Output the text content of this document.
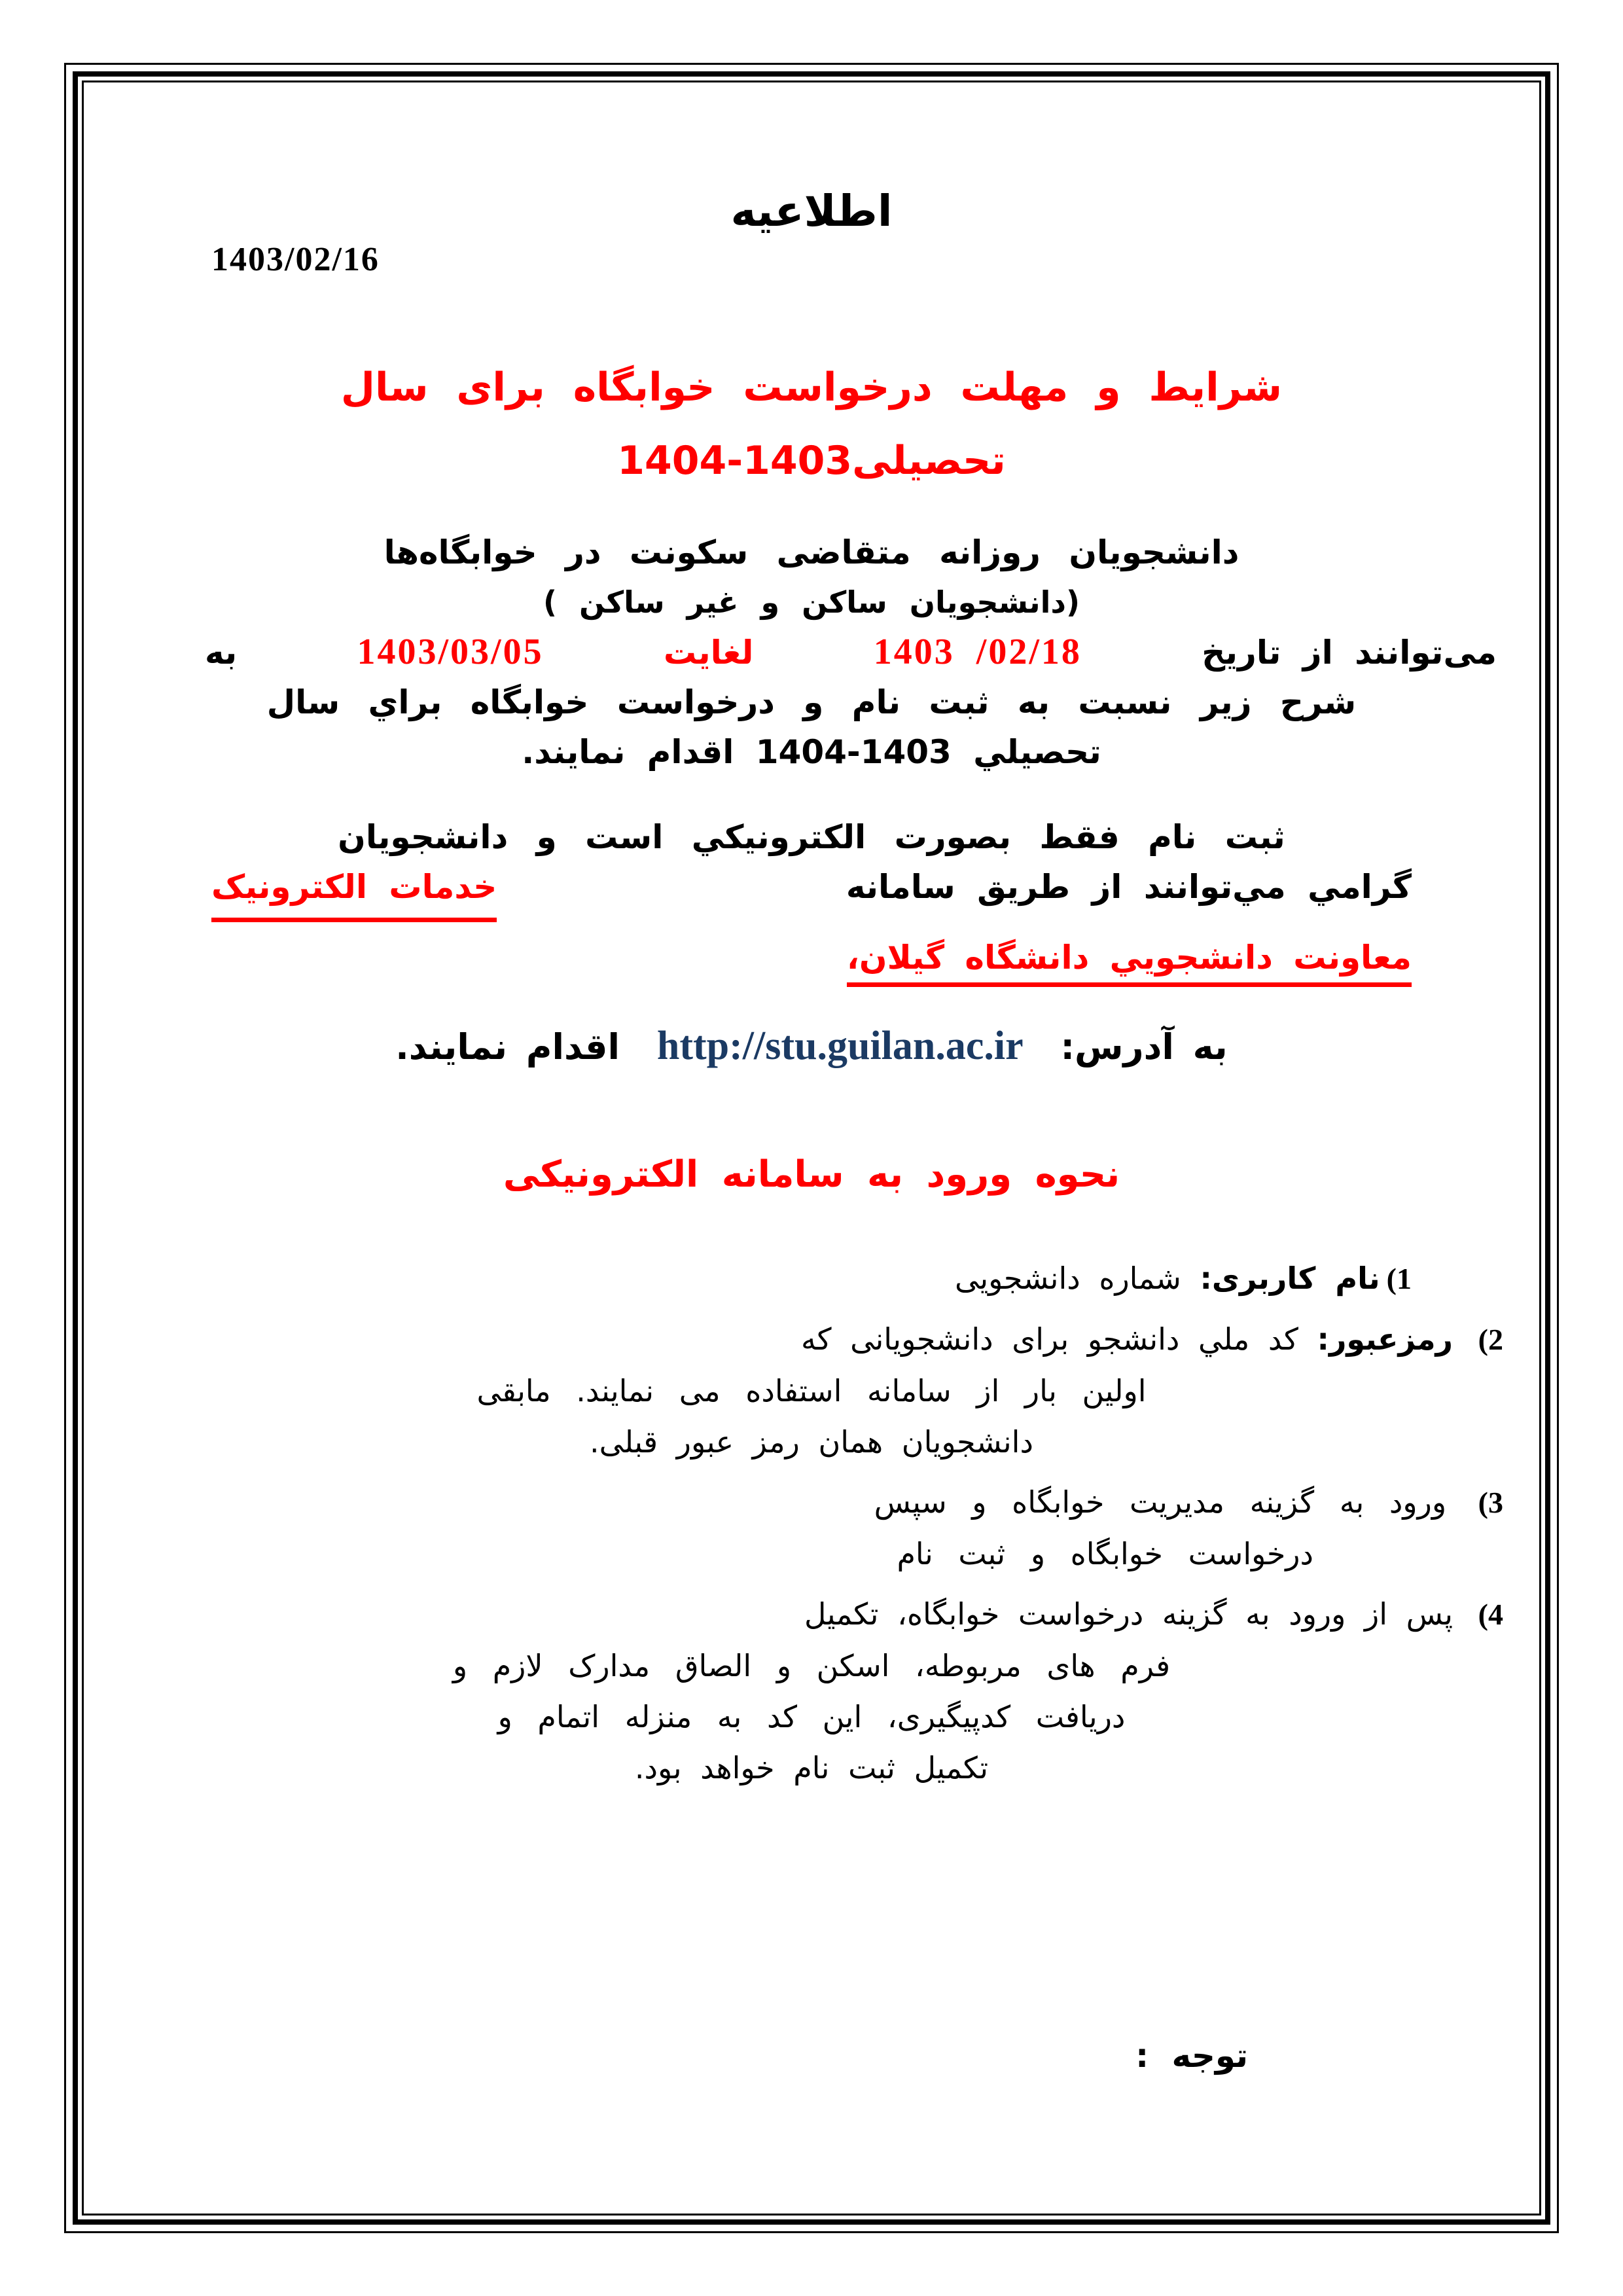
اطلاعیه
1403/02/16
شرایط و مهلت درخواست خوابگاه برای سال
تحصیلی1403-1404
دانشجویان روزانه متقاضی سکونت در خوابگاه‌ها
(دانشجویان ساکن و غیر ساکن )
می‌توانند از تاریخ
1403 /02/18
لغایت
1403/03/05
به
شرح زیر نسبت به ثبت نام و درخواست خوابگاه براي سال
تحصیلي 1403-1404 اقدام نمایند.
ثبت نام فقط بصورت الکترونیکي است و دانشجویان
گرامي مي‌توانند از طریق سامانه
خدمات الکترونیک
معاونت دانشجويي دانشگاه گیلان،
به آدرس: http://stu.guilan.ac.ir اقدام نمایند.
نحوه ورود به سامانه الکترونیکی
1)نام کاربری: شماره دانشجویی
2) رمزعبور: کد ملي دانشجو برای دانشجویانی که
اولین بار از سامانه استفاده می نمایند. مابقی
دانشجویان همان رمز عبور قبلی.
3) ورود به گزینه مدیریت خوابگاه و سپس
درخواست خوابگاه و ثبت نام
4) پس از ورود به گزینه درخواست خوابگاه، تکمیل
فرم های مربوطه، اسکن و الصاق مدارک لازم و
دریافت کدپیگیری، این کد به منزله اتمام و
تکمیل ثبت نام خواهد بود.
توجه :
